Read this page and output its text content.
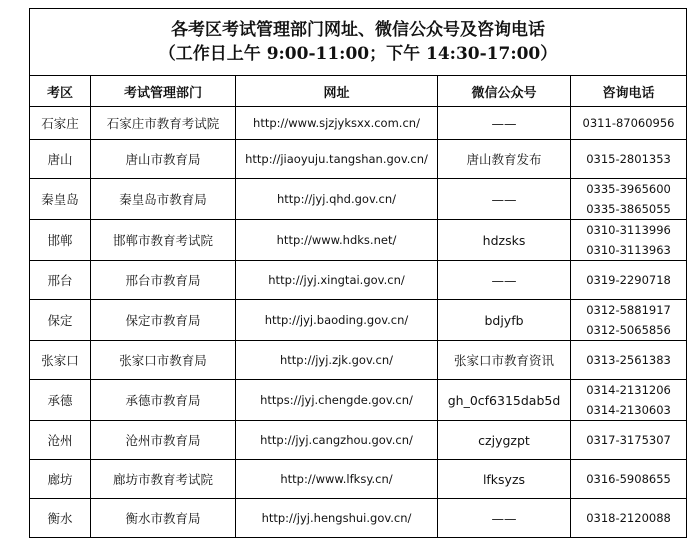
各考区考试管理部门网址、微信公众号及咨询电话
（工作日上午 9:00-11:00；下午 14:30-17:00）				

考区	考试管理部门	网址	微信公众号	咨询电话
石家庄	石家庄市教育考试院	http://www.sjzjyksxx.com.cn/	——	0311-87060956

唐山	唐山市教育局	http://jiaoyuju.tangshan.gov.cn/	唐山教育发布	0315-2801353

秦皇岛	秦皇岛市教育局	http://jyj.qhd.gov.cn/	——	0335-3965600
0335-3865055

邯郸	邯郸市教育考试院	http://www.hdks.net/	hdzsks	0310-3113996
0310-3113963

邢台	邢台市教育局	http://jyj.xingtai.gov.cn/	——	0319-2290718

保定	保定市教育局	http://jyj.baoding.gov.cn/	bdjyfb	0312-5881917
0312-5065856

张家口	张家口市教育局	http://jyj.zjk.gov.cn/	张家口市教育资讯	0313-2561383

承德	承德市教育局	https://jyj.chengde.gov.cn/	gh_0cf6315dab5d	0314-2131206
0314-2130603

沧州	沧州市教育局	http://jyj.cangzhou.gov.cn/	czjygzpt	0317-3175307

廊坊	廊坊市教育考试院	http://www.lfksy.cn/	lfksyzs	0316-5908655

衡水	衡水市教育局	http://jyj.hengshui.gov.cn/	——	0318-2120088
